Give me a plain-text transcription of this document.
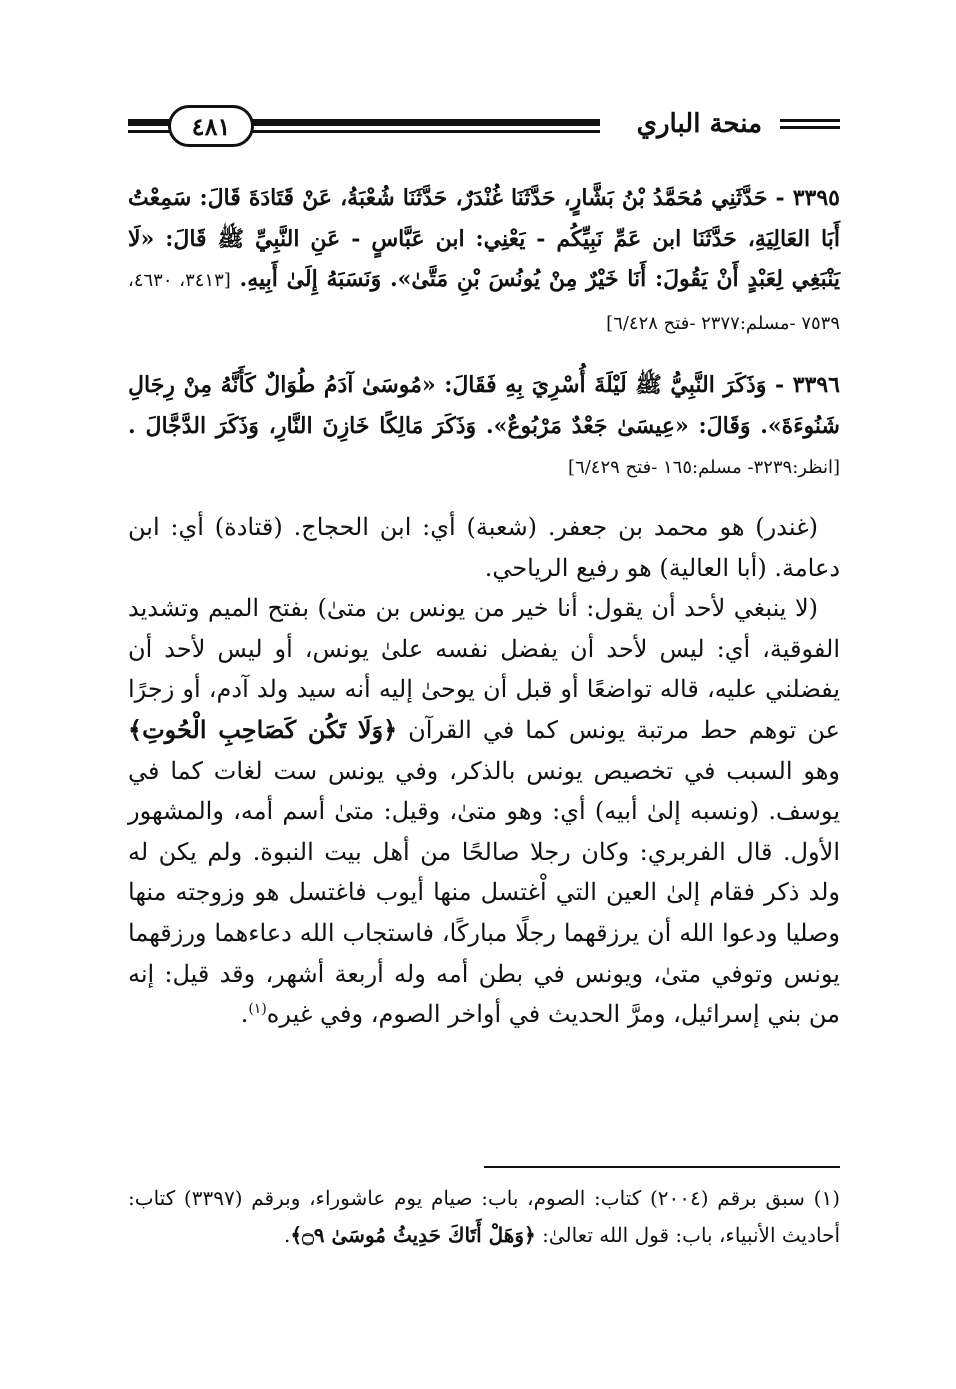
منحة الباري
٤٨١
٣٣٩٥ - حَدَّثَنِي مُحَمَّدُ بْنُ بَشَّارٍ، حَدَّثَنَا غُنْدَرٌ، حَدَّثَنَا شُعْبَةُ، عَنْ قَتَادَةَ قَالَ: سَمِعْتُ أَبَا العَالِيَةِ، حَدَّثَنَا ابن عَمِّ نَبِيِّكُم - يَعْنِي: ابن عَبَّاسٍ - عَنِ النَّبِيِّ ﷺ قَالَ: «لَا يَنْبَغِي لِعَبْدٍ أَنْ يَقُولَ: أَنَا خَيْرٌ مِنْ يُونُسَ بْنِ مَتَّىٰ». وَنَسَبَهُ إِلَىٰ أَبِيهِ. [٣٤١٣، ٤٦٣٠، ٧٥٣٩ -مسلم:٢٣٧٧ -فتح ٦/٤٢٨]
٣٣٩٦ - وَذَكَرَ النَّبِيُّ ﷺ لَيْلَةَ أُسْرِيَ بِهِ فَقَالَ: «مُوسَىٰ آدَمُ طُوَالٌ كَأَنَّهُ مِنْ رِجَالِ شَنُوءَةَ». وَقَالَ: «عِيسَىٰ جَعْدٌ مَرْبُوعٌ». وَذَكَرَ مَالِكًا خَازِنَ النَّارِ، وَذَكَرَ الدَّجَّالَ . [انظر:٣٢٣٩- مسلم:١٦٥ -فتح ٦/٤٢٩]

(غندر) هو محمد بن جعفر. (شعبة) أي: ابن الحجاج. (قتادة) أي: ابن دعامة. (أبا العالية) هو رفيع الرياحي.

(لا ينبغي لأحد أن يقول: أنا خير من يونس بن متىٰ) بفتح الميم وتشديد الفوقية، أي: ليس لأحد أن يفضل نفسه علىٰ يونس، أو ليس لأحد أن يفضلني عليه، قاله تواضعًا أو قبل أن يوحىٰ إليه أنه سيد ولد آدم، أو زجرًا عن توهم حط مرتبة يونس كما في القرآن ﴿وَلَا تَكُن كَصَاحِبِ الْحُوتِ﴾ وهو السبب في تخصيص يونس بالذكر، وفي يونس ست لغات كما في يوسف. (ونسبه إلىٰ أبيه) أي: وهو متىٰ، وقيل: متىٰ أسم أمه، والمشهور الأول. قال الفربري: وكان رجلا صالحًا من أهل بيت النبوة. ولم يكن له ولد ذكر فقام إلىٰ العين التي اْغتسل منها أيوب فاغتسل هو وزوجته منها وصليا ودعوا الله أن يرزقهما رجلًا مباركًا، فاستجاب الله دعاءهما ورزقهما يونس وتوفي متىٰ، ويونس في بطن أمه وله أربعة أشهر، وقد قيل: إنه من بني إسرائيل، ومرَّ الحديث في أواخر الصوم، وفي غيره$^{(١)}$.

(١) سبق برقم (٢٠٠٤) كتاب: الصوم، باب: صيام يوم عاشوراء، وبرقم (٣٣٩٧) كتاب: أحاديث الأنبياء، باب: قول الله تعالىٰ: ﴿وَهَلْ أَتَاكَ حَدِيثُ مُوسَىٰ ۝٩﴾.
